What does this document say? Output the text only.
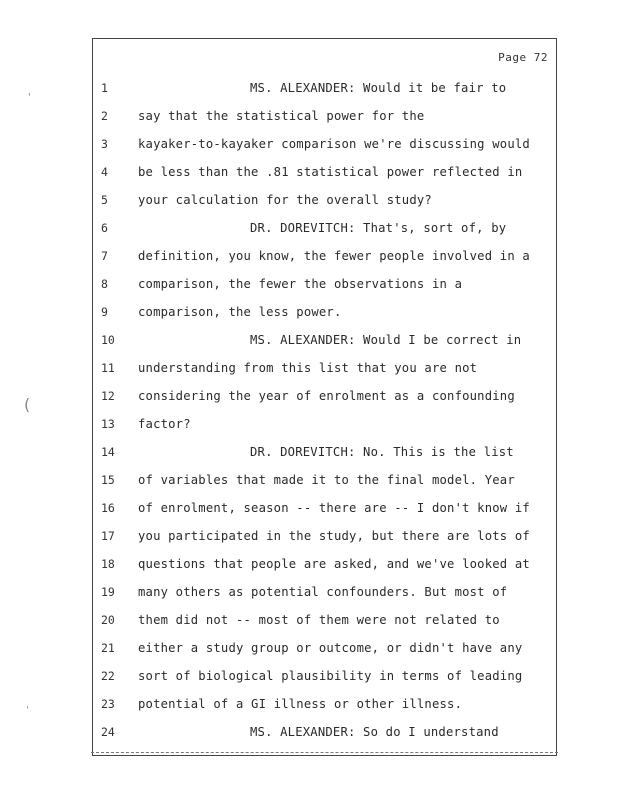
Page 72
1	MS. ALEXANDER: Would it be fair to
2	say that the statistical power for the
3	kayaker-to-kayaker comparison we're discussing would
4	be less than the .81 statistical power reflected in
5	your calculation for the overall study?
6	DR. DOREVITCH: That's, sort of, by
7	definition, you know, the fewer people involved in a
8	comparison, the fewer the observations in a
9	comparison, the less power.
10	MS. ALEXANDER: Would I be correct in
11	understanding from this list that you are not
12	considering the year of enrolment as a confounding
13	factor?
14	DR. DOREVITCH: No. This is the list
15	of variables that made it to the final model. Year
16	of enrolment, season -- there are -- I don't know if
17	you participated in the study, but there are lots of
18	questions that people are asked, and we've looked at
19	many others as potential confounders. But most of
20	them did not -- most of them were not related to
21	either a study group or outcome, or didn't have any
22	sort of biological plausibility in terms of leading
23	potential of a GI illness or other illness.
24	MS. ALEXANDER: So do I understand
'
(
'
